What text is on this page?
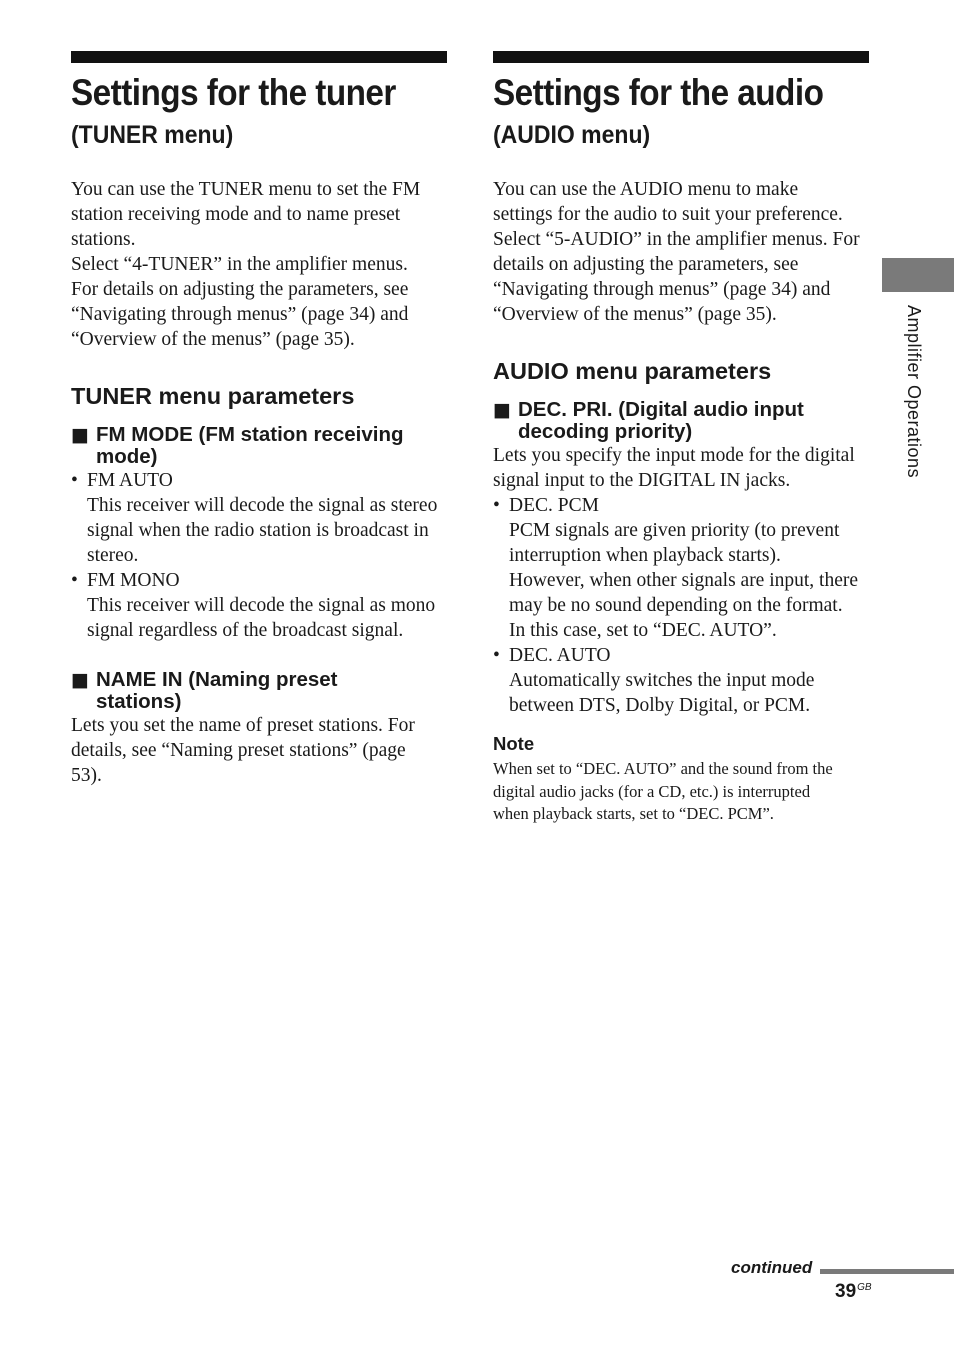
Settings for the tuner
(TUNER menu)

You can use the TUNER menu to set the FM
station receiving mode and to name preset
stations.
Select “4-TUNER” in the amplifier menus.
For details on adjusting the parameters, see
“Navigating through menus” (page 34) and
“Overview of the menus” (page 35).

TUNER menu parameters
■ FM MODE (FM station receiving
mode)
• FM AUTO

This receiver will decode the signal as stereo
signal when the radio station is broadcast in
stereo.

• FM MONO

This receiver will decode the signal as mono
signal regardless of the broadcast signal.

■ NAME IN (Naming preset
stations)

Lets you set the name of preset stations. For
details, see “Naming preset stations” (page
53).

Settings for the audio
(AUDIO menu)

You can use the AUDIO menu to make
settings for the audio to suit your preference.
Select “5-AUDIO” in the amplifier menus. For
details on adjusting the parameters, see
“Navigating through menus” (page 34) and
“Overview of the menus” (page 35).

AUDIO menu parameters
■ DEC. PRI. (Digital audio input
decoding priority)

Lets you specify the input mode for the digital
signal input to the DIGITAL IN jacks.

• DEC. PCM

PCM signals are given priority (to prevent
interruption when playback starts).
However, when other signals are input, there
may be no sound depending on the format.
In this case, set to “DEC. AUTO”.

• DEC. AUTO

Automatically switches the input mode
between DTS, Dolby Digital, or PCM.

Note

When set to “DEC. AUTO” and the sound from the
digital audio jacks (for a CD, etc.) is interrupted
when playback starts, set to “DEC. PCM”.

Amplifier Operations
continued
$39^{GB}$
